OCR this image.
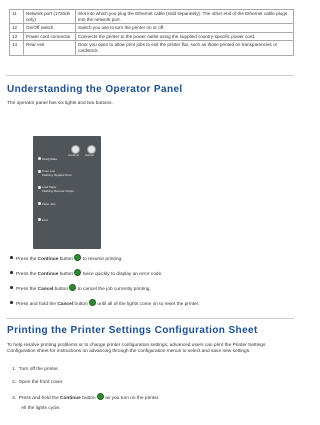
11	Network port (1720dn only)	Slot into which you plug the Ethernet cable (sold separately). The other end of the Ethernet cable plugs into the network port.
12	On/Off switch	Switch you use to turn the printer on or off.
13	Power cord connector	Connects the printer to the power outlet using the supplied country-specific power cord.
14	Rear exit	Door you open to allow print jobs to exit the printer flat, such as those printed on transparencies or cardstock.
Understanding the Operator Panel
The operator panel has six lights and two buttons.
Continue Cancel
Ready/Data
Toner Low
Flashing: Replace Drum
Load Paper
Flashing: Remove Output
Paper Jam
Error
Press the Continue button  to resume printing.
Press the Continue button  twice quickly to display an error code.
Press the Cancel button  to cancel the job currently printing.
Press and hold the Cancel button  until all of the lights come on to reset the printer.
Printing the Printer Settings Configuration Sheet
To help resolve printing problems or to change printer configuration settings, advanced users can print the Printer Settings Configuration sheet for instructions on advancing through the configuration menus to select and save new settings.
1. Turn off the printer.
2. Open the front cover.
3. Press and hold the Continue button  as you turn on the printer.
All the lights cycle.
